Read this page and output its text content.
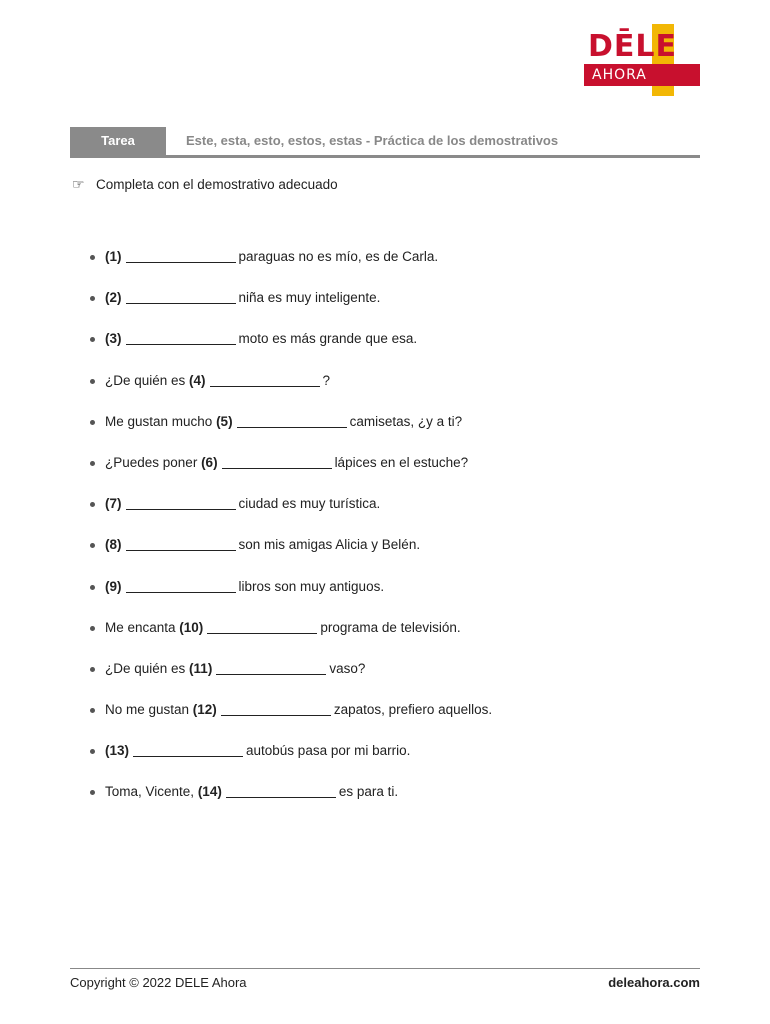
DĒLE
AHORA
Tarea	Este, esta, esto, estos, estas - Práctica de los demostrativos
☞ Completa con el demostrativo adecuado
(1)	paraguas no es mío, es de Carla.
(2)	niña es muy inteligente.
(3)	moto es más grande que esa.
¿De quién es (4)	?
Me gustan mucho (5)	camisetas, ¿y a ti?
¿Puedes poner (6)	lápices en el estuche?
(7)	ciudad es muy turística.
(8)	son mis amigas Alicia y Belén.
(9)	libros son muy antiguos.
Me encanta (10)	programa de televisión.
¿De quién es (11)	vaso?
No me gustan (12)	zapatos, prefiero aquellos.
(13)	autobús pasa por mi barrio.
Toma, Vicente, (14)	es para ti.
Copyright © 2022 DELE Ahora	deleahora.com
